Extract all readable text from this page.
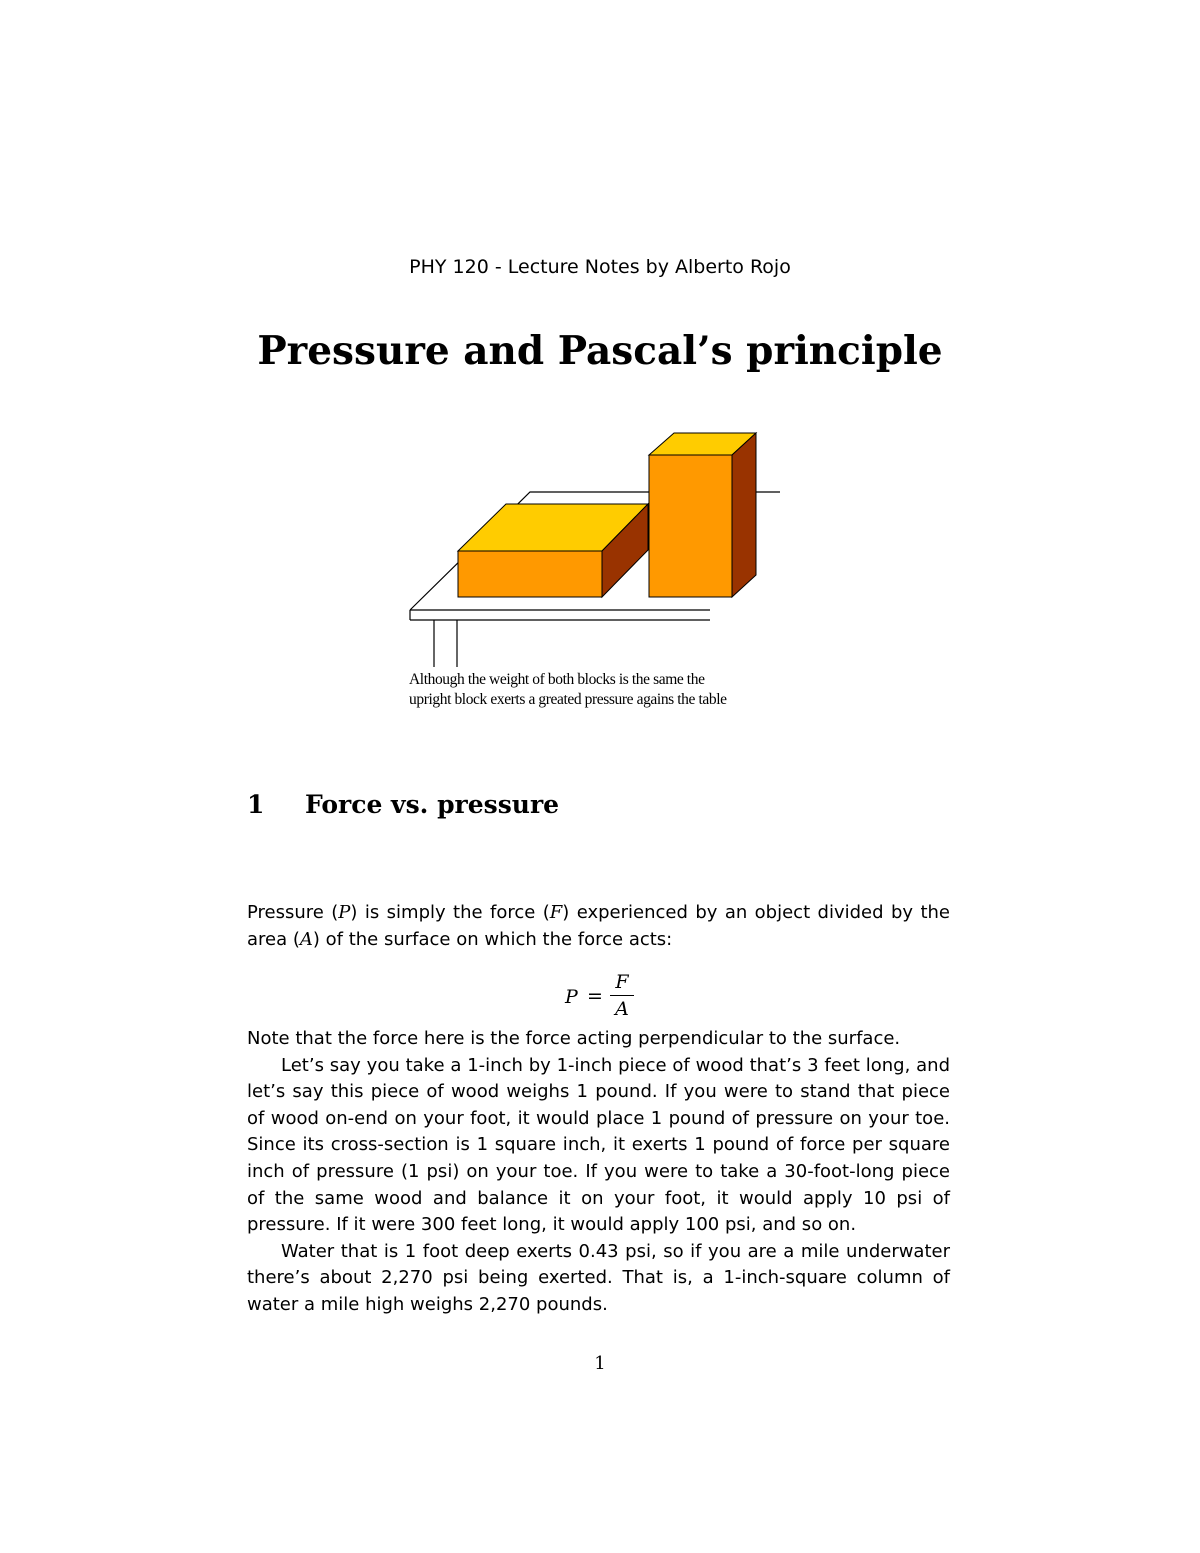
PHY 120 - Lecture Notes by Alberto Rojo
Pressure and Pascal’s principle
Although the weight of both blocks is the same the
upright block exerts a greated pressure agains the table
1 Force vs. pressure

Pressure (P) is simply the force (F) experienced by an object divided by the area (A) of the surface on which the force acts:

P =
F
A

Note that the force here is the force acting perpendicular to the surface.

Let’s say you take a 1-inch by 1-inch piece of wood that’s 3 feet long, and let’s say this piece of wood weighs 1 pound. If you were to stand that piece of wood on-end on your foot, it would place 1 pound of pressure on your toe. Since its cross-section is 1 square inch, it exerts 1 pound of force per square inch of pressure (1 psi) on your toe. If you were to take a 30-foot-long piece of the same wood and balance it on your foot, it would apply 10 psi of pressure. If it were 300 feet long, it would apply 100 psi, and so on.

Water that is 1 foot deep exerts 0.43 psi, so if you are a mile underwater there’s about 2,270 psi being exerted. That is, a 1-inch-square column of water a mile high weighs 2,270 pounds.

1
